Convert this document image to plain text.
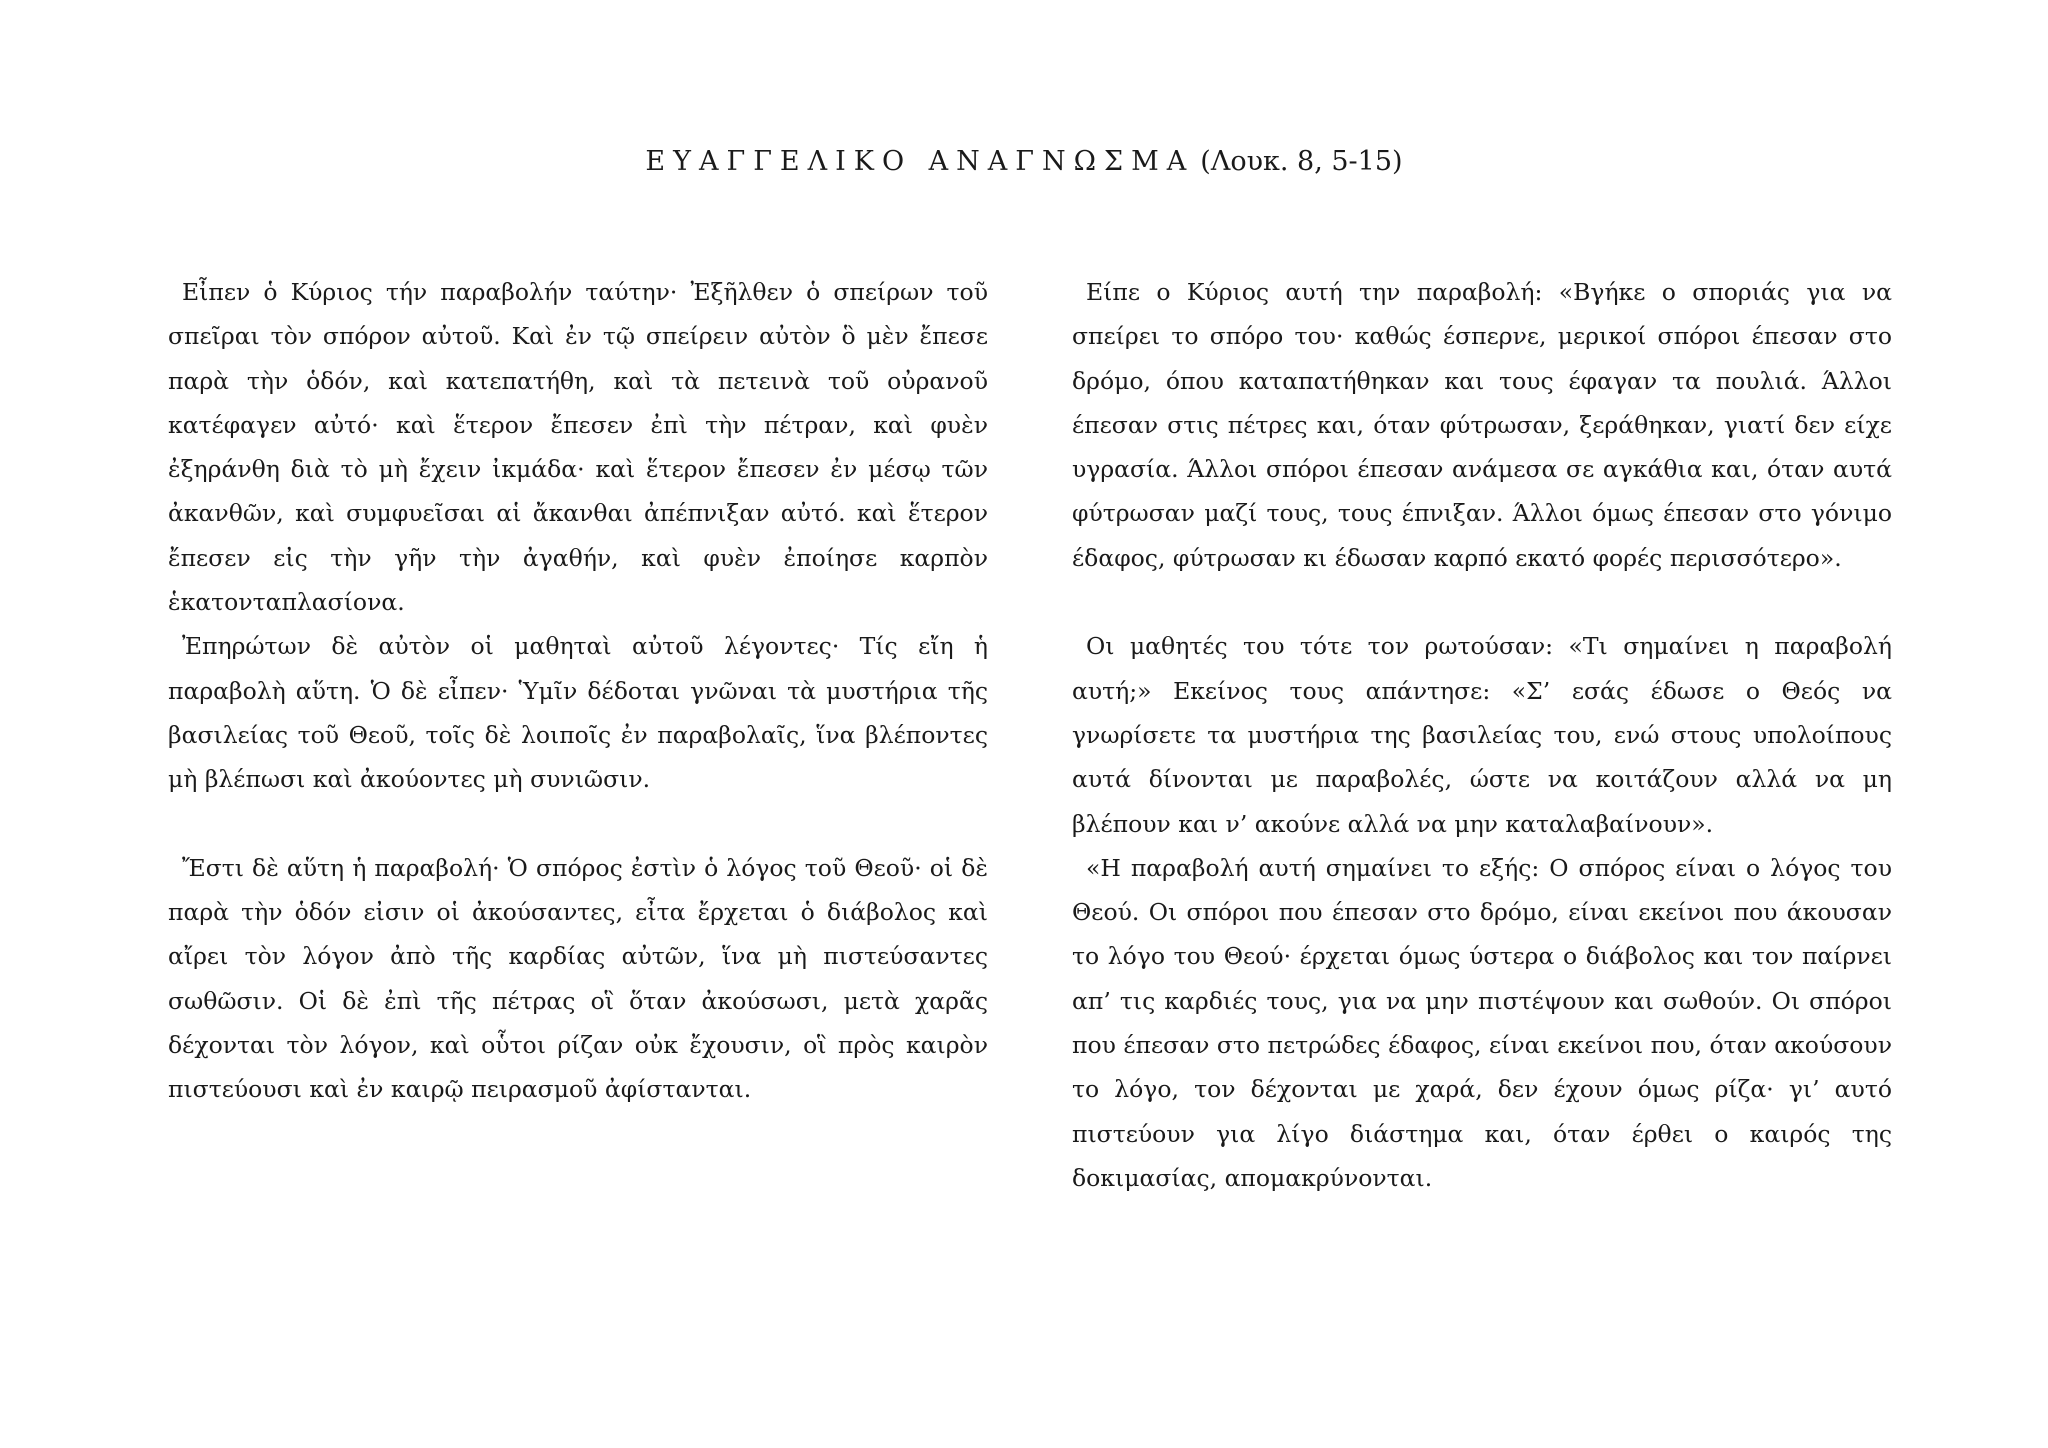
ΕΥΑΓΓΕΛΙΚΟ ΑΝΑΓΝΩΣΜΑ (Λουκ. 8, 5-15)

Εἶπεν ὁ Κύριος τήν παραβολήν ταύτην· Ἐξῆλθεν ὁ σπείρων τοῦ σπεῖραι τὸν σπόρον αὐτοῦ. Καὶ ἐν τῷ σπείρειν αὐτὸν ὃ μὲν ἔπεσε παρὰ τὴν ὁδόν, καὶ κατεπατήθη, καὶ τὰ πετεινὰ τοῦ οὐρανοῦ κατέφαγεν αὐτό· καὶ ἕτερον ἔπεσεν ἐπὶ τὴν πέτραν, καὶ φυὲν ἐξηράνθη διὰ τὸ μὴ ἔχειν ἰκμάδα· καὶ ἕτερον ἔπεσεν ἐν μέσῳ τῶν ἀκανθῶν, καὶ συμφυεῖσαι αἱ ἄκανθαι ἀπέπνιξαν αὐτό. καὶ ἕτερον ἔπεσεν εἰς τὴν γῆν τὴν ἀγαθήν, καὶ φυὲν ἐποίησε καρπὸν ἑκατονταπλασίονα.

Ἐπηρώτων δὲ αὐτὸν οἱ μαθηταὶ αὐτοῦ λέγοντες· Τίς εἴη ἡ παραβολὴ αὕτη. Ὁ δὲ εἶπεν· Ὑμῖν δέδοται γνῶναι τὰ μυστήρια τῆς βασιλείας τοῦ Θεοῦ, τοῖς δὲ λοιποῖς ἐν παραβολαῖς, ἵνα βλέποντες μὴ βλέπωσι καὶ ἀκούοντες μὴ συνιῶσιν.

Ἔστι δὲ αὕτη ἡ παραβολή· Ὁ σπόρος ἐστὶν ὁ λόγος τοῦ Θεοῦ· οἱ δὲ παρὰ τὴν ὁδόν εἰσιν οἱ ἀκούσαντες, εἶτα ἔρχεται ὁ διάβολος καὶ αἴρει τὸν λόγον ἀπὸ τῆς καρδίας αὐτῶν, ἵνα μὴ πιστεύσαντες σωθῶσιν. Οἱ δὲ ἐπὶ τῆς πέτρας οἳ ὅταν ἀκούσωσι, μετὰ χαρᾶς δέχονται τὸν λόγον, καὶ οὗτοι ρίζαν οὐκ ἔχουσιν, οἳ πρὸς καιρὸν πιστεύουσι καὶ ἐν καιρῷ πειρασμοῦ ἀφίστανται.

Είπε ο Κύριος αυτή την παραβολή: «Βγήκε ο σποριάς για να σπείρει το σπόρο του· καθώς έσπερνε, μερικοί σπόροι έπεσαν στο δρόμο, όπου καταπατήθηκαν και τους έφαγαν τα πουλιά. Άλλοι έπεσαν στις πέτρες και, όταν φύτρωσαν, ξεράθηκαν, γιατί δεν είχε υγρασία. Άλλοι σπόροι έπεσαν ανάμεσα σε αγκάθια και, όταν αυτά φύτρωσαν μαζί τους, τους έπνιξαν. Άλλοι όμως έπεσαν στο γόνιμο έδαφος, φύτρωσαν κι έδωσαν καρπό εκατό φορές περισσότερο».

Οι μαθητές του τότε τον ρωτούσαν: «Τι σημαίνει η παραβολή αυτή;» Εκείνος τους απάντησε: «Σ’ εσάς έδωσε ο Θεός να γνωρίσετε τα μυστήρια της βασιλείας του, ενώ στους υπολοίπους αυτά δίνονται με παραβολές, ώστε να κοιτάζουν αλλά να μη βλέπουν και ν’ ακούνε αλλά να μην καταλαβαίνουν».

«Η παραβολή αυτή σημαίνει το εξής: Ο σπόρος είναι ο λόγος του Θεού. Οι σπόροι που έπεσαν στο δρόμο, είναι εκείνοι που άκουσαν το λόγο του Θεού· έρχεται όμως ύστερα ο διάβολος και τον παίρνει απ’ τις καρδιές τους, για να μην πιστέψουν και σωθούν. Οι σπόροι που έπεσαν στο πετρώδες έδαφος, είναι εκείνοι που, όταν ακούσουν το λόγο, τον δέχονται με χαρά, δεν έχουν όμως ρίζα· γι’ αυτό πιστεύουν για λίγο διάστημα και, όταν έρθει ο καιρός της δοκιμασίας, απομακρύνονται.
